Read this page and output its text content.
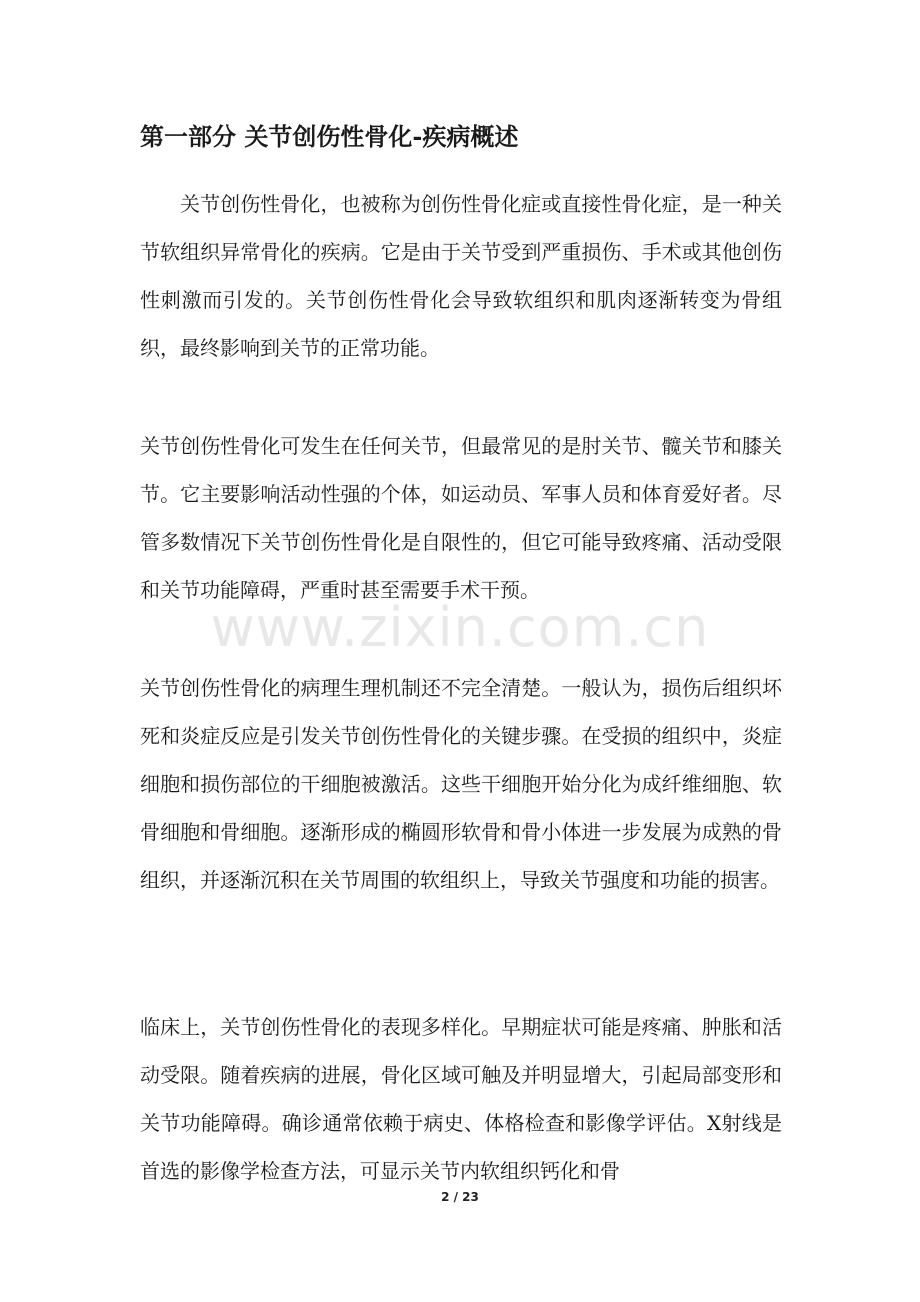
第一部分 关节创伤性骨化-疾病概述

关节创伤性骨化，也被称为创伤性骨化症或直接性骨化症，是一种关节软组织异常骨化的疾病。它是由于关节受到严重损伤、手术或其他创伤性刺激而引发的。关节创伤性骨化会导致软组织和肌肉逐渐转变为骨组织，最终影响到关节的正常功能。

关节创伤性骨化可发生在任何关节，但最常见的是肘关节、髋关节和膝关节。它主要影响活动性强的个体，如运动员、军事人员和体育爱好者。尽管多数情况下关节创伤性骨化是自限性的，但它可能导致疼痛、活动受限和关节功能障碍，严重时甚至需要手术干预。

关节创伤性骨化的病理生理机制还不完全清楚。一般认为，损伤后组织坏死和炎症反应是引发关节创伤性骨化的关键步骤。在受损的组织中，炎症细胞和损伤部位的干细胞被激活。这些干细胞开始分化为成纤维细胞、软骨细胞和骨细胞。逐渐形成的椭圆形软骨和骨小体进一步发展为成熟的骨组织，并逐渐沉积在关节周围的软组织上，导致关节强度和功能的损害。

临床上，关节创伤性骨化的表现多样化。早期症状可能是疼痛、肿胀和活动受限。随着疾病的进展，骨化区域可触及并明显增大，引起局部变形和关节功能障碍。确诊通常依赖于病史、体格检查和影像学评估。X射线是首选的影像学检查方法，可显示关节内软组织钙化和骨

www.zixin.com.cn
2 / 23
